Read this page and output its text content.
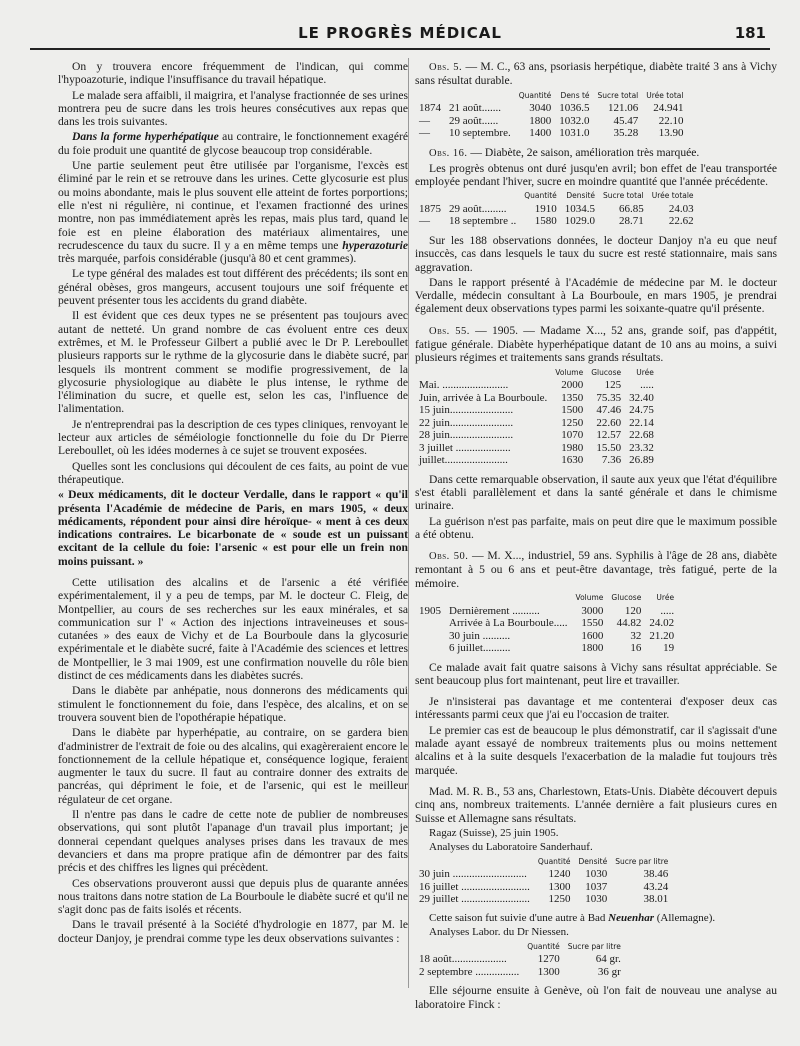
LE PROGRÈS MÉDICAL	181

On y trouvera encore fréquemment de l'indican, qui comme l'hypoazoturie, indique l'insuffisance du travail hépatique.

Le malade sera affaibli, il maigrira, et l'analyse fractionnée de ses urines montrera peu de sucre dans les trois heures consécutives aux repas que dans les trois suivantes.

Dans la forme hyperhépatique au contraire, le fonctionnement exagéré du foie produit une quantité de glycose beaucoup trop considérable.

Une partie seulement peut être utilisée par l'organisme, l'excès est éliminé par le rein et se retrouve dans les urines. Cette glycosurie est plus ou moins abondante, mais le plus souvent elle atteint de fortes porportions; elle n'est ni régulière, ni continue, et l'examen fractionné des urines montre, non pas immédiatement après les repas, mais plus tard, quand le foie est en pleine élaboration des matériaux alimentaires, une recrudescence du taux du sucre. Il y a en même temps une hyperazoturie très marquée, parfois considérable (jusqu'à 80 et cent grammes).

Le type général des malades est tout différent des précédents; ils sont en général obèses, gros mangeurs, accusent toujours une soif fréquente et peuvent présenter tous les accidents du grand diabète.

Il est évident que ces deux types ne se présentent pas toujours avec autant de netteté. Un grand nombre de cas évoluent entre ces deux extrêmes, et M. le Professeur Gilbert a publié avec le Dr P. Lereboullet plusieurs rapports sur le rythme de la glycosurie dans le diabète sucré, par lesquels ils montrent comment se modifie progressivement, de la glycosurie physiologique au diabète le plus intense, le rythme de l'élimination du sucre, et quelle est, selon les cas, l'influence de l'alimentation.

Je n'entreprendrai pas la description de ces types cliniques, renvoyant le lecteur aux articles de séméiologie fonctionnelle du foie du Dr Pierre Lereboullet, où les idées modernes à ce sujet se trouvent exposées.

Quelles sont les conclusions qui découlent de ces faits, au point de vue thérapeutique.

« Deux médicaments, dit le docteur Verdalle, dans le rapport « qu'il présenta l'Académie de médecine de Paris, en mars 1905, « deux médicaments, répondent pour ainsi dire héroïque- « ment à ces deux indications contraires. Le bicarbonate de « soude est un puissant excitant de la cellule du foie: l'arsenic « est pour elle un frein non moins puissant. »

Cette utilisation des alcalins et de l'arsenic a été vérifiée expérimentalement, il y a peu de temps, par M. le docteur C. Fleig, de Montpellier, au cours de ses recherches sur les eaux minérales, et sa communication sur l' « Action des injections intraveineuses et sous-cutanées » des eaux de Vichy et de La Bourboule dans la glycosurie expérimentale et le diabète sucré, faite à l'Académie des sciences et lettres de Montpellier, le 3 mai 1909, est une confirmation nouvelle du rôle bien distinct de ces médicaments dans les diabètes sucrés.

Dans le diabète par anhépatie, nous donnerons des médicaments qui stimulent le fonctionnement du foie, dans l'espèce, des alcalins, et on se trouvera souvent bien de l'opothérapie hépatique.

Dans le diabète par hyperhépatie, au contraire, on se gardera bien d'administrer de l'extrait de foie ou des alcalins, qui exagèreraient encore le fonctionnement de la cellule hépatique et, conséquence logique, feraient augmenter le taux du sucre. Il faut au contraire donner des extraits de pancréas, qui dépriment le foie, et de l'arsenic, qui est le meilleur régulateur de cet organe.

Il n'entre pas dans le cadre de cette note de publier de nombreuses observations, qui sont plutôt l'apanage d'un travail plus important; je donnerai cependant quelques analyses prises dans les travaux de mes devanciers et dans ma propre pratique afin de démontrer par des faits précis et des chiffres les lignes qui précèdent.

Ces observations prouveront aussi que depuis plus de quarante années nous traitons dans notre station de La Bourboule le diabète sucré et qu'il ne s'agit donc pas de faits isolés et récents.

Dans le travail présenté à la Société d'hydrologie en 1877, par M. le docteur Danjoy, je prendrai comme type les deux observations suivantes :

Obs. 5. — M. C., 63 ans, psoriasis herpétique, diabète traité 3 ans à Vichy sans résultat durable.

		Quantité	Dens té	Sucre total	Urée total
1874	21 août.......	3040	1036.5	121.06	24.941
—	29 août......	1800	1032.0	45.47	22.10
—	10 septembre.	1400	1031.0	35.28	13.90

Obs. 16. — Diabète, 2e saison, amélioration très marquée.

Les progrès obtenus ont duré jusqu'en avril; bon effet de l'eau transportée employée pendant l'hiver, sucre en moindre quantité que l'année précédente.

		Quantité	Densité	Sucre total	Urée totale
1875	29 août.........	1910	1034.5	66.85	24.03
—	18 septembre ..	1580	1029.0	28.71	22.62

Sur les 188 observations données, le docteur Danjoy n'a eu que neuf insuccès, cas dans lesquels le taux du sucre est resté stationnaire, mais sans aggravation.

Dans le rapport présenté à l'Académie de médecine par M. le docteur Verdalle, médecin consultant à La Bourboule, en mars 1905, je prendrai également deux observations types parmi les soixante-quatre qu'il présente.

Obs. 55. — 1905. — Madame X..., 52 ans, grande soif, pas d'appétit, fatigue générale. Diabète hyperhépatique datant de 10 ans au moins, a suivi plusieurs régimes et traitements sans grands résultats.

	Volume	Glucose	Urée
Mai. ........................	2000	125	.....
Juin, arrivée à La Bourboule.	1350	75.35	32.40
15 juin.......................	1500	47.46	24.75
22 juin.......................	1250	22.60	22.14
28 juin.......................	1070	12.57	22.68
3 juillet ....................	1980	15.50	23.32
juillet.......................	1630	7.36	26.89

Dans cette remarquable observation, il saute aux yeux que l'état d'équilibre s'est établi parallèlement et dans la santé générale et dans le chimisme urinaire.

La guérison n'est pas parfaite, mais on peut dire que le maximum possible a été obtenu.

Obs. 50. — M. X..., industriel, 59 ans. Syphilis à l'âge de 28 ans, diabète remontant à 5 ou 6 ans et peut-être davantage, très fatigué, perte de la mémoire.

		Volume	Glucose	Urée
1905	Dernièrement ..........	3000	120	.....
	Arrivée à La Bourboule.....	1550	44.82	24.02
	30 juin ..........	1600	32	21.20
	6 juillet..........	1800	16	19

Ce malade avait fait quatre saisons à Vichy sans résultat appréciable. Se sent beaucoup plus fort maintenant, peut lire et travailler.

Je n'insisterai pas davantage et me contenterai d'exposer deux cas intéressants parmi ceux que j'ai eu l'occasion de traiter.

Le premier cas est de beaucoup le plus démonstratif, car il s'agissait d'une malade ayant essayé de nombreux traitements plus ou moins nettement alcalins et à la suite desquels l'exacerbation de la maladie fut toujours très marquée.

Mad. M. R. B., 53 ans, Charlestown, Etats-Unis. Diabète découvert depuis cinq ans, nombreux traitements. L'année dernière a fait plusieurs cures en Suisse et Allemagne sans résultats.

Ragaz (Suisse), 25 juin 1905.

Analyses du Laboratoire Sanderhauf.

	Quantité	Densité	Sucre par litre
30 juin ...........................	1240	1030	38.46
16 juillet .........................	1300	1037	43.24
29 juillet .........................	1250	1030	38.01

Cette saison fut suivie d'une autre à Bad Neuenhar (Allemagne).

Analyses Labor. du Dr Niessen.

	Quantité	Sucre par litre
18 août....................	1270	64 gr.
2 septembre ................	1300	36 gr

Elle séjourne ensuite à Genève, où l'on fait de nouveau une analyse au laboratoire Finck :
